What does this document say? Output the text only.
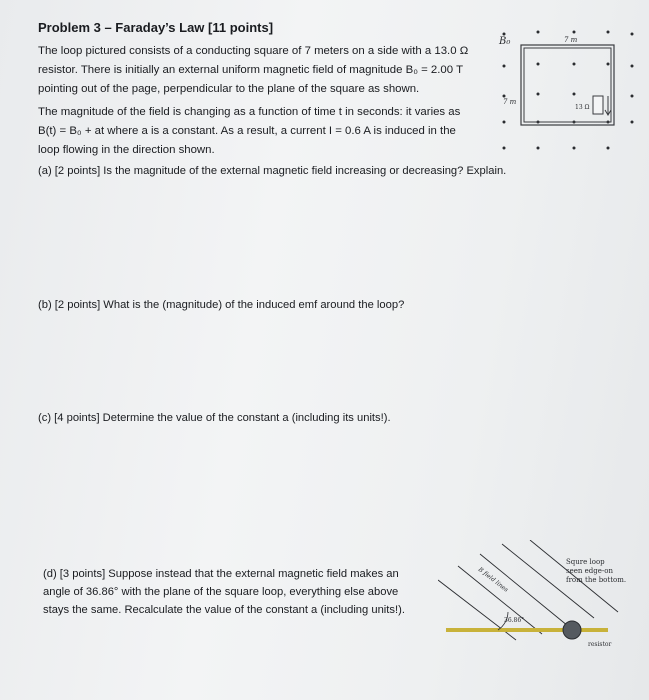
Problem 3 – Faraday’s Law [11 points]
The loop pictured consists of a conducting square of 7 meters on a side with a 13.0 Ω
resistor. There is initially an external uniform magnetic field of magnitude B₀ = 2.00 T
pointing out of the page, perpendicular to the plane of the square as shown.
The magnitude of the field is changing as a function of time t in seconds: it varies as
B(t) = B₀ + at where a is a constant. As a result, a current I = 0.6 A is induced in the
loop flowing in the direction shown.
(a) [2 points] Is the magnitude of the external magnetic field increasing or decreasing? Explain.
(b) [2 points] What is the (magnitude) of the induced emf around the loop?
(c) [4 points] Determine the value of the constant a (including its units!).
(d) [3 points] Suppose instead that the external magnetic field makes an
angle of 36.86° with the plane of the square loop, everything else above
stays the same. Recalculate the value of the constant a (including units!).
B₀	7 m
7 m
13 Ω
B field lines
36.86°
Squre loop
seen edge-on
from the bottom.
resistor
